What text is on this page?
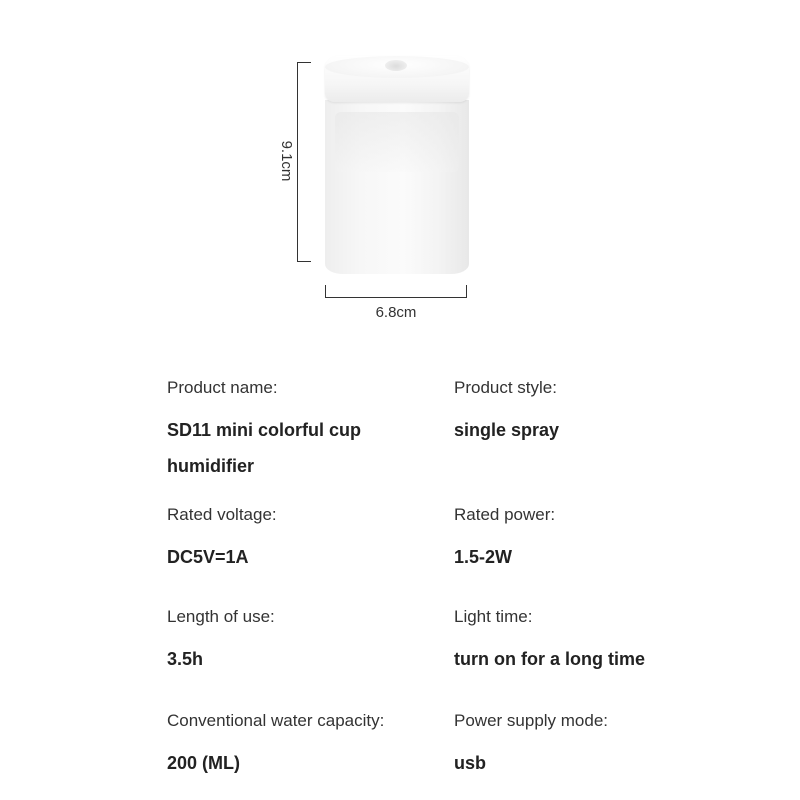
9.1cm
6.8cm
Product name:
SD11 mini colorful cup humidifier
Product style:
single spray
Rated voltage:
DC5V=1A
Rated power:
1.5-2W
Length of use:
3.5h
Light time:
turn on for a long time
Conventional water capacity:
200 (ML)
Power supply mode:
usb
